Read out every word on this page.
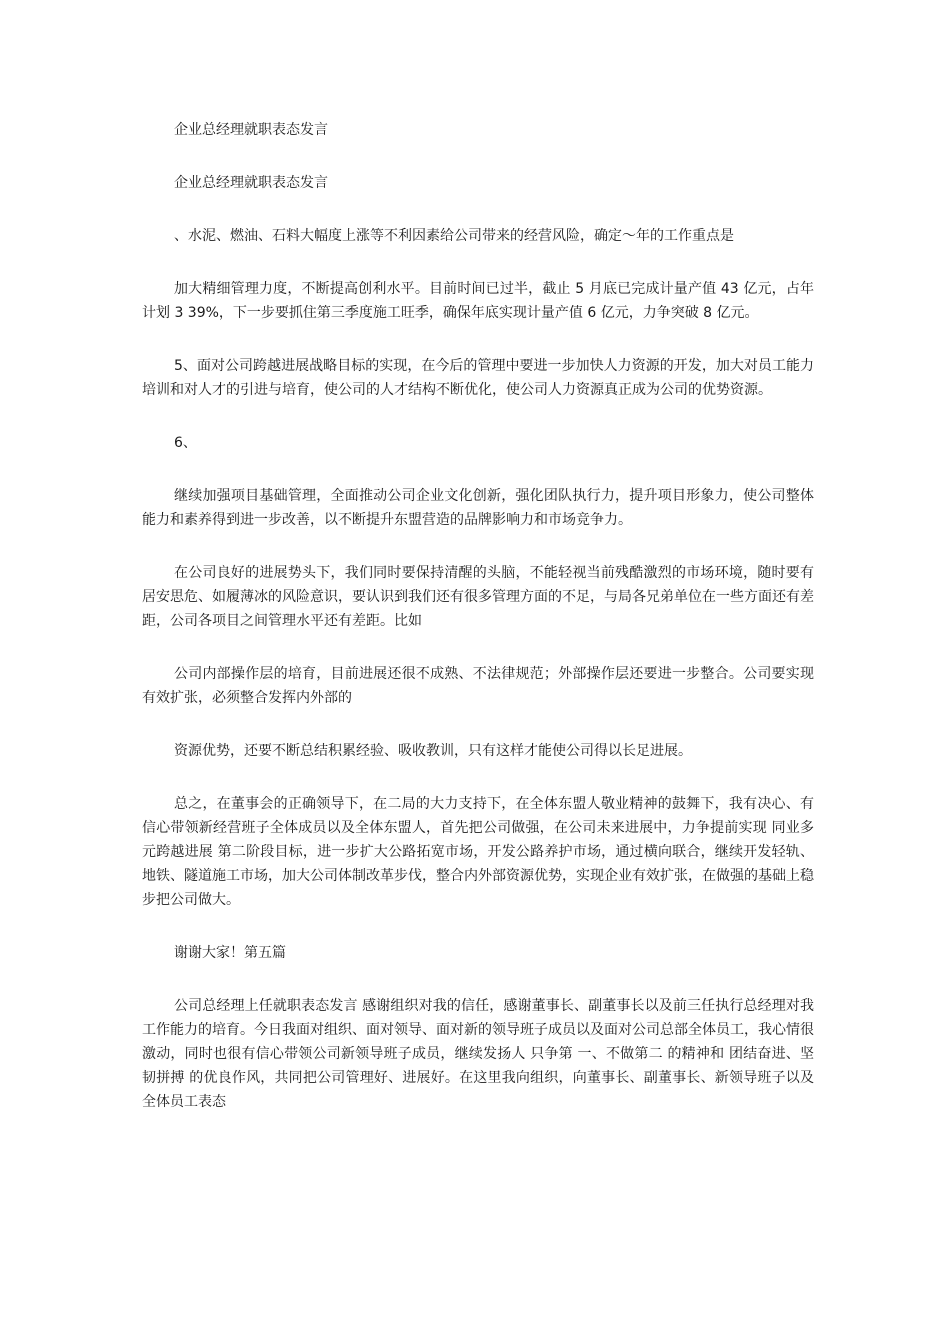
企业总经理就职表态发言

企业总经理就职表态发言

、水泥、燃油、石料大幅度上涨等不利因素给公司带来的经营风险，确定～年的工作重点是

加大精细管理力度，不断提高创利水平。目前时间已过半，截止 5 月底已完成计量产值 43 亿元，占年计划 3 39%，下一步要抓住第三季度施工旺季，确保年底实现计量产值 6 亿元，力争突破 8 亿元。

5、面对公司跨越进展战略目标的实现，在今后的管理中要进一步加快人力资源的开发，加大对员工能力培训和对人才的引进与培育，使公司的人才结构不断优化，使公司人力资源真正成为公司的优势资源。

6、

继续加强项目基础管理，全面推动公司企业文化创新，强化团队执行力，提升项目形象力，使公司整体能力和素养得到进一步改善，以不断提升东盟营造的品牌影响力和市场竞争力。

在公司良好的进展势头下，我们同时要保持清醒的头脑，不能轻视当前残酷激烈的市场环境，随时要有居安思危、如履薄冰的风险意识，要认识到我们还有很多管理方面的不足，与局各兄弟单位在一些方面还有差距，公司各项目之间管理水平还有差距。比如

公司内部操作层的培育，目前进展还很不成熟、不法律规范；外部操作层还要进一步整合。公司要实现有效扩张，必须整合发挥内外部的

资源优势，还要不断总结积累经验、吸收教训，只有这样才能使公司得以长足进展。

总之，在董事会的正确领导下，在二局的大力支持下，在全体东盟人敬业精神的鼓舞下，我有决心、有信心带领新经营班子全体成员以及全体东盟人，首先把公司做强，在公司未来进展中，力争提前实现 同业多元跨越进展 第二阶段目标，进一步扩大公路拓宽市场，开发公路养护市场，通过横向联合，继续开发轻轨、地铁、隧道施工市场，加大公司体制改革步伐，整合内外部资源优势，实现企业有效扩张，在做强的基础上稳步把公司做大。

谢谢大家！第五篇

公司总经理上任就职表态发言 感谢组织对我的信任，感谢董事长、副董事长以及前三任执行总经理对我工作能力的培育。今日我面对组织、面对领导、面对新的领导班子成员以及面对公司总部全体员工，我心情很激动，同时也很有信心带领公司新领导班子成员，继续发扬人 只争第 一、不做第二 的精神和 团结奋进、坚韧拼搏 的优良作风，共同把公司管理好、进展好。在这里我向组织，向董事长、副董事长、新领导班子以及全体员工表态
